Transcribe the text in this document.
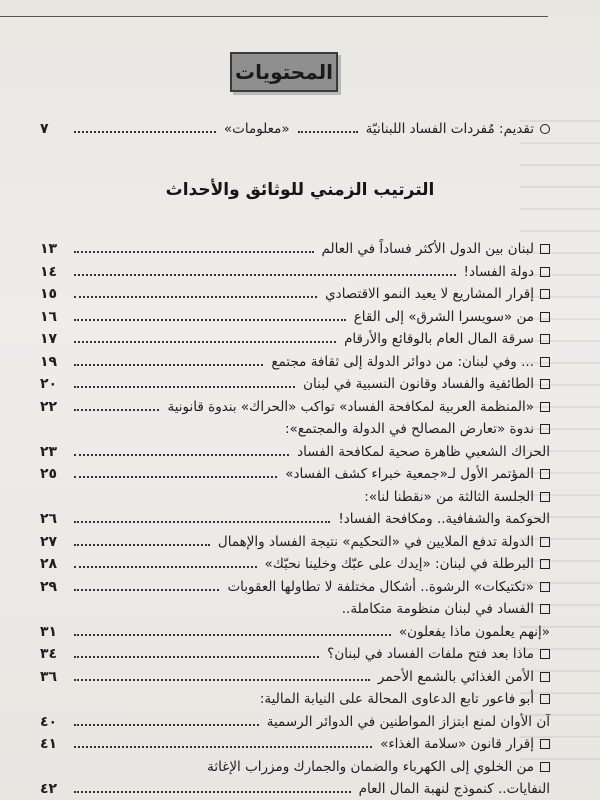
المحتويات
تقديم: مُفردات الفساد اللبنانيّة
«معلومات»
٧
الترتيب الزمني للوثائق والأحداث
لبنان بين الدول الأكثر فساداً في العالم
١٣
دولة الفساد!
١٤
إقرار المشاريع لا يعيد النمو الاقتصادي
١٥
من «سويسرا الشرق» إلى القاع
١٦
سرقة المال العام بالوقائع والأرقام
١٧
... وفي لبنان: من دوائر الدولة إلى ثقافة مجتمع
١٩
الطائفية والفساد وقانون النسبية في لبنان
٢٠
«المنظمة العربية لمكافحة الفساد» تواكب «الحراك» بندوة قانونية
٢٢
ندوة «تعارض المصالح في الدولة والمجتمع»:
الحراك الشعبي ظاهرة صحية لمكافحة الفساد
٢٣
المؤتمر الأول لـ«جمعية خبراء كشف الفساد»
٢٥
الجلسة الثالثة من «نقطنا لنا»:
الحوكمة والشفافية.. ومكافحة الفساد!
٢٦
الدولة تدفع الملايين في «التحكيم» نتيجة الفساد والإهمال
٢٧
البرطلة في لبنان: «إيدك على عبّك وخلينا نحبّك»
٢٨
«تكتيكات» الرشوة.. أشكال مختلفة لا تطاولها العقوبات
٢٩
الفساد في لبنان منظومة متكاملة..
«إنهم يعلمون ماذا يفعلون»
٣١
ماذا بعد فتح ملفات الفساد في لبنان؟
٣٤
الأمن الغذائي بالشمع الأحمر
٣٦
أبو فاعور تابع الدعاوى المحالة على النيابة المالية:
آن الأوان لمنع ابتزاز المواطنين في الدوائر الرسمية
٤٠
إقرار قانون «سلامة الغذاء»
٤١
من الخلوي إلى الكهرباء والضمان والجمارك ومزراب الإغاثة
النفايات.. كنموذج لنهبة المال العام
٤٢
